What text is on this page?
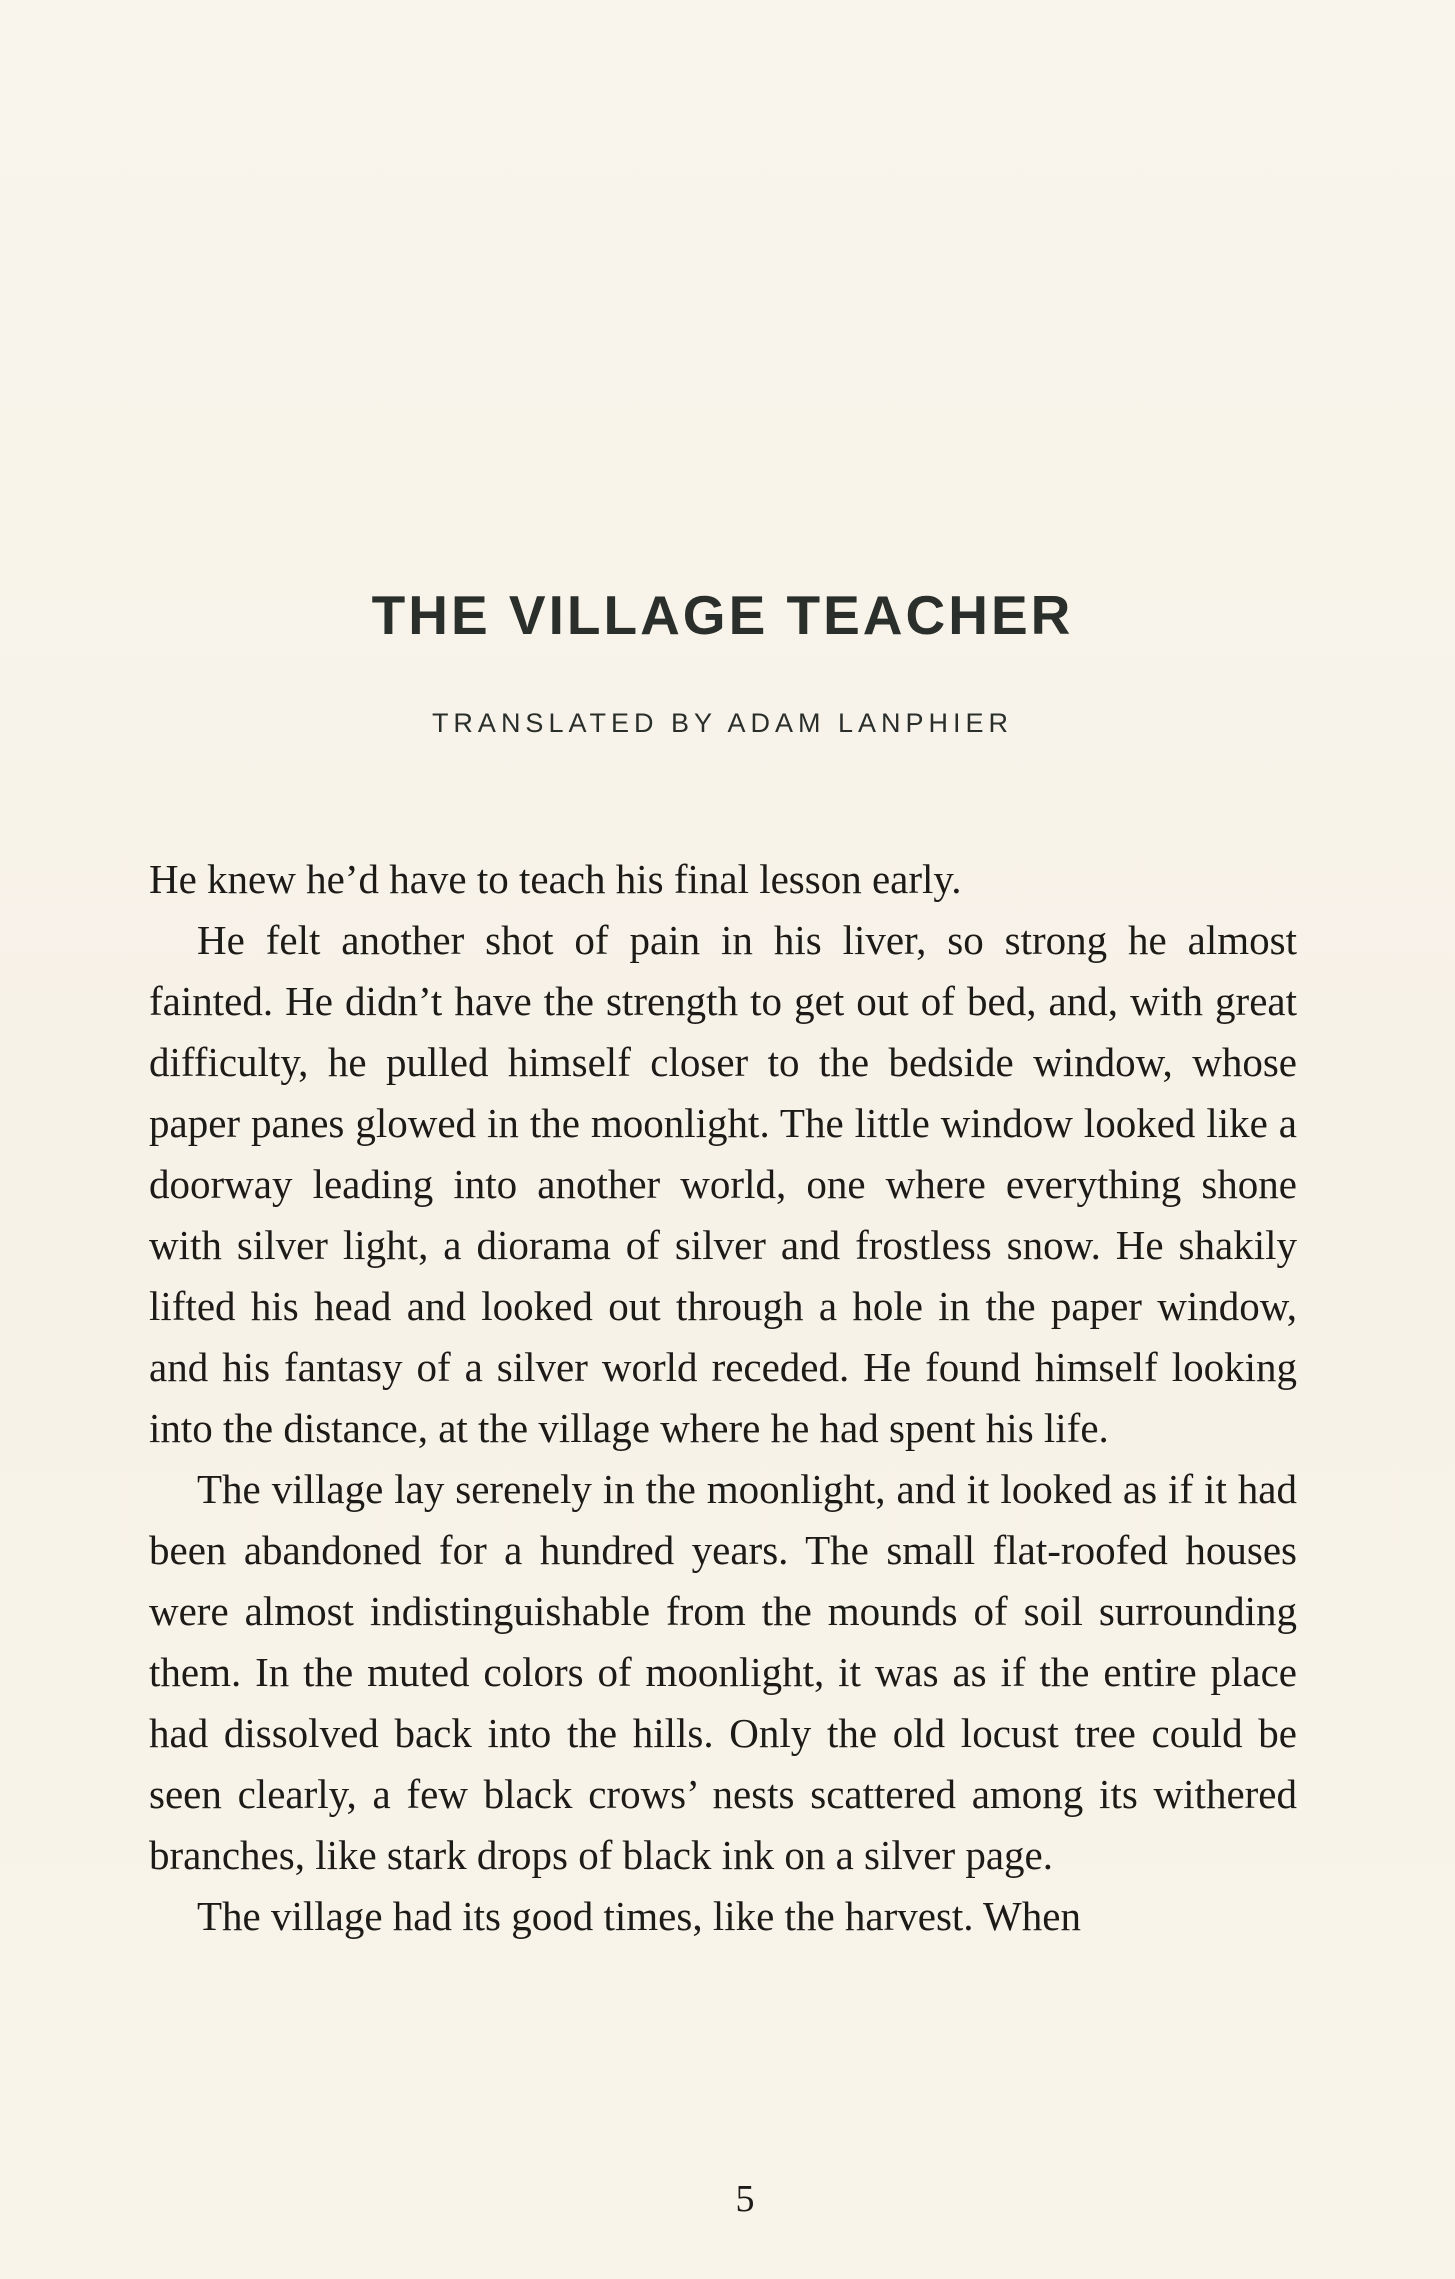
THE VILLAGE TEACHER
TRANSLATED BY ADAM LANPHIER

He knew he’d have to teach his final lesson early.

He felt another shot of pain in his liver, so strong he almost fainted. He didn’t have the strength to get out of bed, and, with great difficulty, he pulled himself closer to the bedside window, whose paper panes glowed in the moonlight. The little window looked like a doorway leading into another world, one where everything shone with silver light, a diorama of silver and frostless snow. He shakily lifted his head and looked out through a hole in the paper window, and his fantasy of a silver world receded. He found himself looking into the distance, at the village where he had spent his life.

The village lay serenely in the moonlight, and it looked as if it had been abandoned for a hundred years. The small flat-roofed houses were almost indistinguishable from the mounds of soil surrounding them. In the muted colors of moonlight, it was as if the entire place had dissolved back into the hills. Only the old locust tree could be seen clearly, a few black crows’ nests scattered among its withered branches, like stark drops of black ink on a silver page.

The village had its good times, like the harvest. When

5
